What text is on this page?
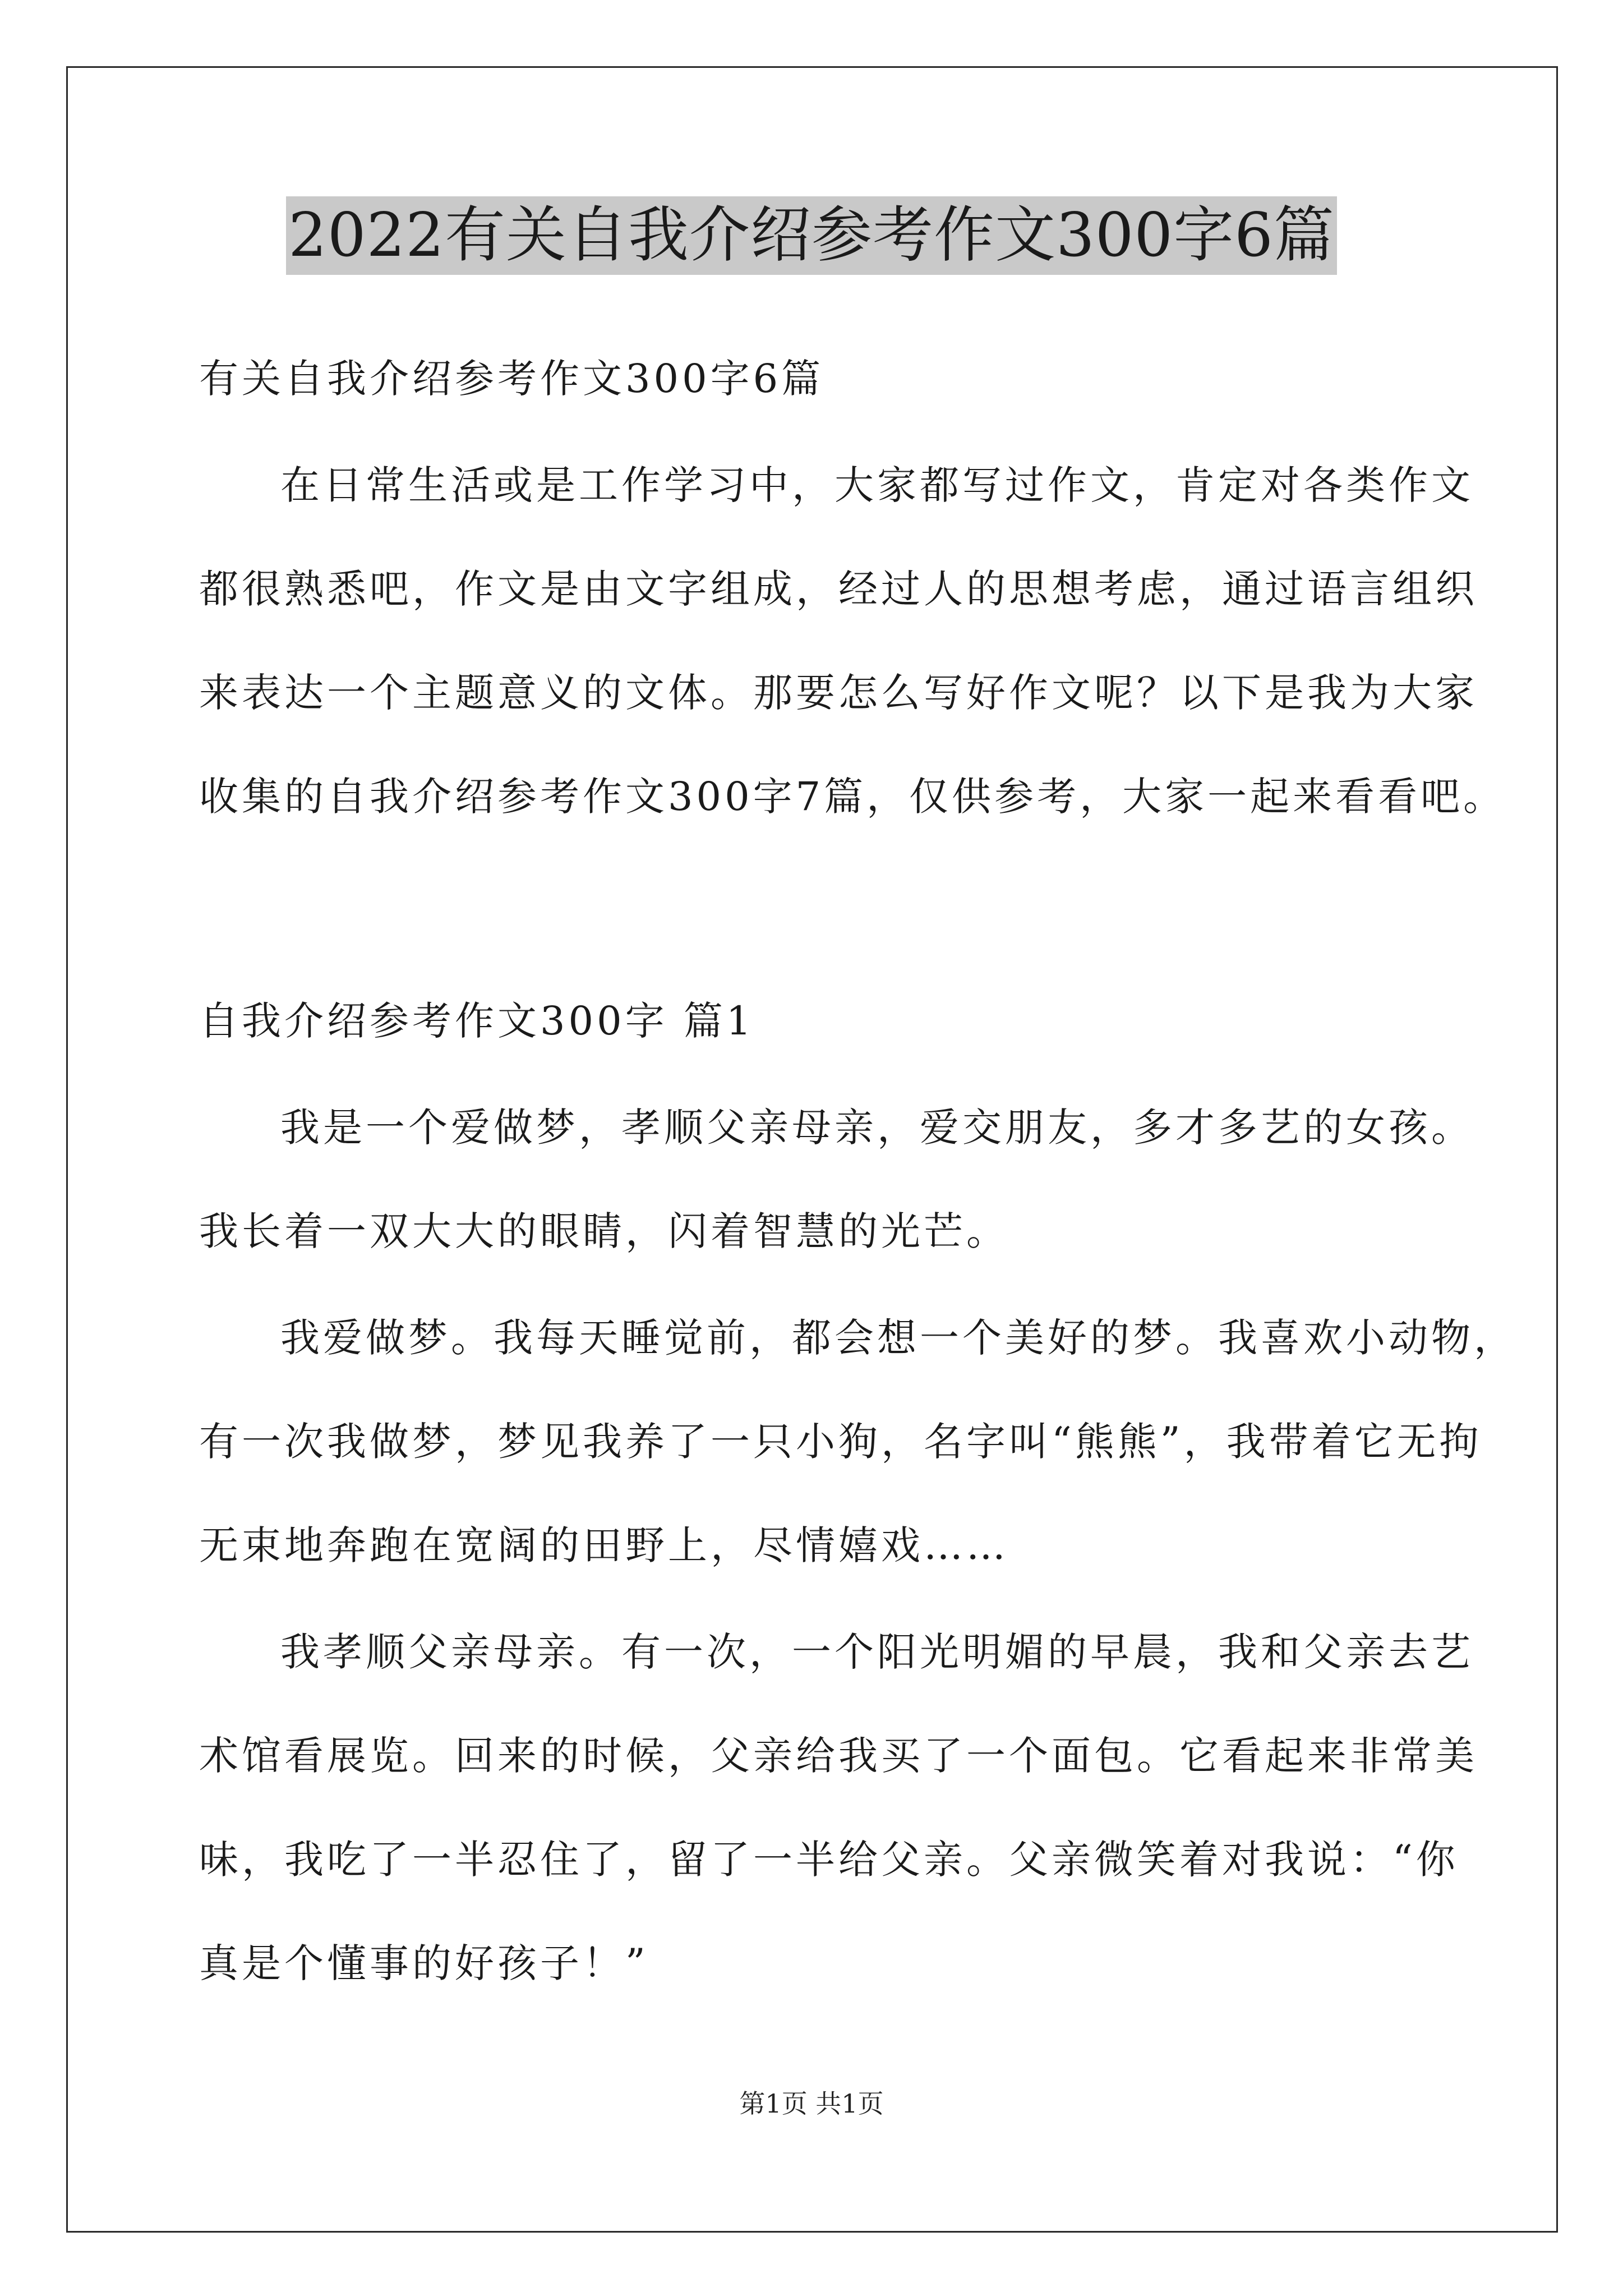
2022有关自我介绍参考作文300字6篇
有关自我介绍参考作文300字6篇
在日常生活或是工作学习中，大家都写过作文，肯定对各类作文
都很熟悉吧，作文是由文字组成，经过人的思想考虑，通过语言组织
来表达一个主题意义的文体。那要怎么写好作文呢？以下是我为大家
收集的自我介绍参考作文300字7篇，仅供参考，大家一起来看看吧。
自我介绍参考作文300字 篇1
我是一个爱做梦，孝顺父亲母亲，爱交朋友，多才多艺的女孩。
我长着一双大大的眼睛，闪着智慧的光芒。
我爱做梦。我每天睡觉前，都会想一个美好的梦。我喜欢小动物，
有一次我做梦，梦见我养了一只小狗，名字叫“熊熊”，我带着它无拘
无束地奔跑在宽阔的田野上，尽情嬉戏……
我孝顺父亲母亲。有一次，一个阳光明媚的早晨，我和父亲去艺
术馆看展览。回来的时候，父亲给我买了一个面包。它看起来非常美
味，我吃了一半忍住了，留了一半给父亲。父亲微笑着对我说：“你
真是个懂事的好孩子！”
第1页 共1页
